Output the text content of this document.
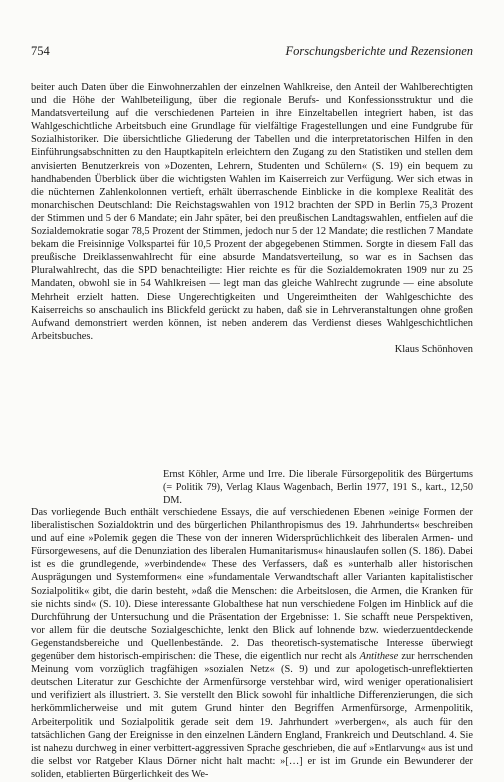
754	Forschungsberichte und Rezensionen

beiter auch Daten über die Einwohnerzahlen der einzelnen Wahlkreise, den Anteil der Wahlberechtigten und die Höhe der Wahlbeteiligung, über die regionale Berufs- und Konfessionsstruktur und die Mandatsverteilung auf die verschiedenen Parteien in ihre Einzeltabellen integriert haben, ist das Wahlgeschichtliche Arbeitsbuch eine Grundlage für vielfältige Fragestellungen und eine Fundgrube für Sozialhistoriker. Die übersichtliche Gliederung der Tabellen und die interpretatorischen Hilfen in den Einführungsabschnitten zu den Hauptkapiteln erleichtern den Zugang zu den Statistiken und stellen dem anvisierten Benutzerkreis von »Dozenten, Lehrern, Studenten und Schülern« (S. 19) ein bequem zu handhabenden Überblick über die wichtigsten Wahlen im Kaiserreich zur Verfügung. Wer sich etwas in die nüchternen Zahlenkolonnen vertieft, erhält überraschende Einblicke in die komplexe Realität des monarchischen Deutschland: Die Reichstagswahlen von 1912 brachten der SPD in Berlin 75,3 Prozent der Stimmen und 5 der 6 Mandate; ein Jahr später, bei den preußischen Landtagswahlen, entfielen auf die Sozialdemokratie sogar 78,5 Prozent der Stimmen, jedoch nur 5 der 12 Mandate; die restlichen 7 Mandate bekam die Freisinnige Volkspartei für 10,5 Prozent der abgegebenen Stimmen. Sorgte in diesem Fall das preußische Dreiklassenwahlrecht für eine absurde Mandatsverteilung, so war es in Sachsen das Pluralwahlrecht, das die SPD benachteiligte: Hier reichte es für die Sozialdemokraten 1909 nur zu 25 Mandaten, obwohl sie in 54 Wahlkreisen — legt man das gleiche Wahlrecht zugrunde — eine absolute Mehrheit erzielt hatten. Diese Ungerechtigkeiten und Ungereimtheiten der Wahlgeschichte des Kaiserreichs so anschaulich ins Blickfeld gerückt zu haben, daß sie in Lehrveranstaltungen ohne großen Aufwand demonstriert werden können, ist neben anderem das Verdienst dieses Wahlgeschichtlichen Arbeitsbuches.
Klaus Schönhoven

Ernst Köhler, Arme und Irre. Die liberale Fürsorgepolitik des Bürgertums (= Politik 79), Verlag Klaus Wagenbach, Berlin 1977, 191 S., kart., 12,50 DM.

Das vorliegende Buch enthält verschiedene Essays, die auf verschiedenen Ebenen »einige Formen der liberalistischen Sozialdoktrin und des bürgerlichen Philanthropismus des 19. Jahrhunderts« beschreiben und auf eine »Polemik gegen die These von der inneren Widersprüchlichkeit des liberalen Armen- und Fürsorgewesens, auf die Denunziation des liberalen Humanitarismus« hinauslaufen sollen (S. 186). Dabei ist es die grundlegende, »verbindende« These des Verfassers, daß es »unterhalb aller historischen Ausprägungen und Systemformen« eine »fundamentale Verwandtschaft aller Varianten kapitalistischer Sozialpolitik« gibt, die darin besteht, »daß die Menschen: die Arbeitslosen, die Armen, die Kranken für sie nichts sind« (S. 10). Diese interessante Globalthese hat nun verschiedene Folgen im Hinblick auf die Durchführung der Untersuchung und die Präsentation der Ergebnisse: 1. Sie schafft neue Perspektiven, vor allem für die deutsche Sozialgeschichte, lenkt den Blick auf lohnende bzw. wiederzuentdeckende Gegenstandsbereiche und Quellenbestände. 2. Das theoretisch-systematische Interesse überwiegt gegenüber dem historisch-empirischen: die These, die eigentlich nur recht als Antithese zur herrschenden Meinung vom vorzüglich tragfähigen »sozialen Netz« (S. 9) und zur apologetisch-unreflektierten deutschen Literatur zur Geschichte der Armenfürsorge verstehbar wird, wird weniger operationalisiert und verifiziert als illustriert. 3. Sie verstellt den Blick sowohl für inhaltliche Differenzierungen, die sich herkömmlicherweise und mit gutem Grund hinter den Begriffen Armenfürsorge, Armenpolitik, Arbeiterpolitik und Sozialpolitik gerade seit dem 19. Jahrhundert »verbergen«, als auch für den tatsächlichen Gang der Ereignisse in den einzelnen Ländern England, Frankreich und Deutschland. 4. Sie ist nahezu durchweg in einer verbittert-aggressiven Sprache geschrieben, die auf »Entlarvung« aus ist und die selbst vor Ratgeber Klaus Dörner nicht halt macht: »[…] er ist im Grunde ein Bewunderer der soliden, etablierten Bürgerlichkeit des We-
